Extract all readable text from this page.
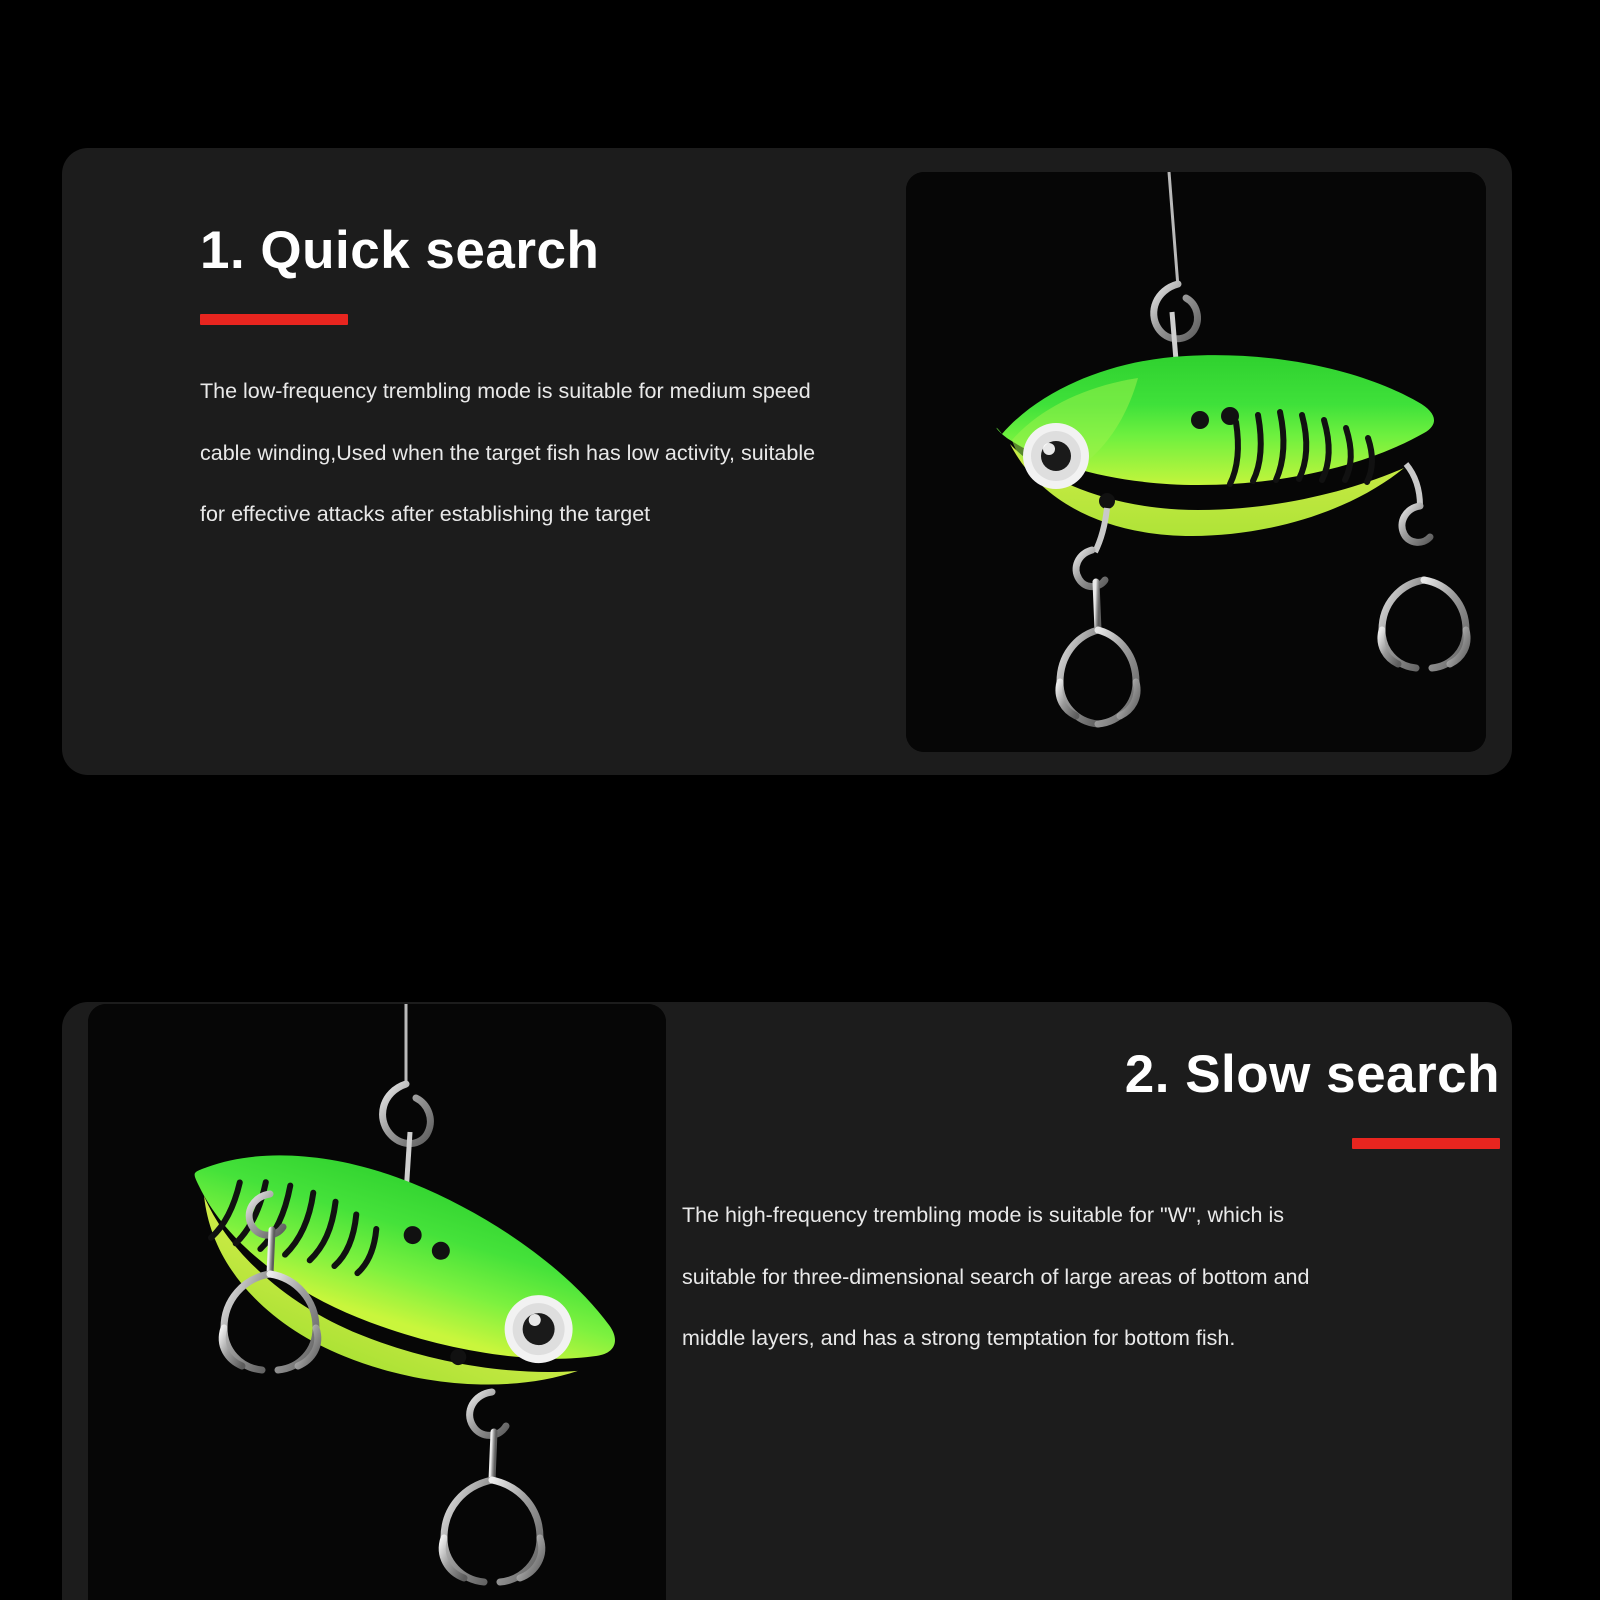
1. Quick search

The low-frequency trembling mode is suitable for medium speed

cable winding,Used when the target fish has low activity, suitable

for effective attacks after establishing the target

2. Slow search

The high-frequency trembling mode is suitable for "W", which is

suitable for three-dimensional search of large areas of bottom and

middle layers, and has a strong temptation for bottom fish.
